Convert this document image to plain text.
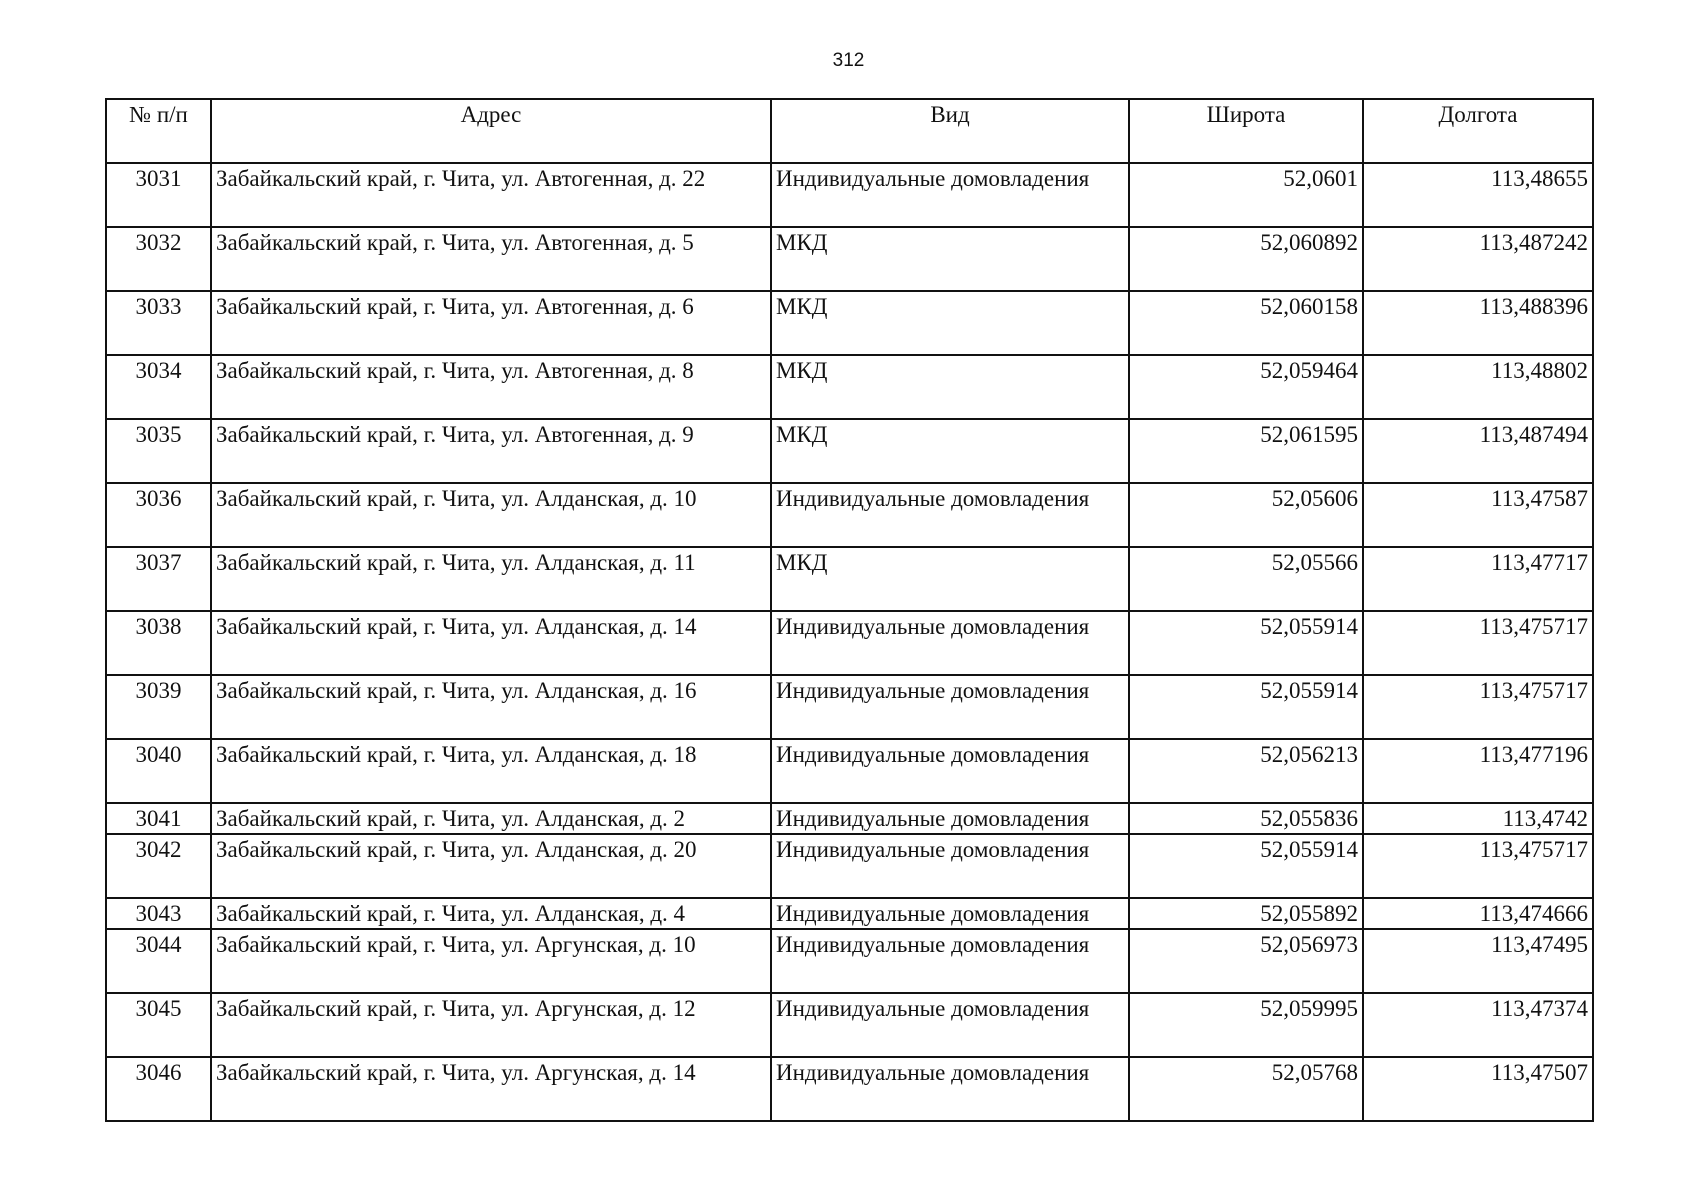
312
№ п/п	Адрес	Вид	Широта	Долгота
3031	Забайкальский край, г. Чита, ул. Автогенная, д. 22	Индивидуальные домовладения	52,0601	113,48655
3032	Забайкальский край, г. Чита, ул. Автогенная, д. 5	МКД	52,060892	113,487242
3033	Забайкальский край, г. Чита, ул. Автогенная, д. 6	МКД	52,060158	113,488396
3034	Забайкальский край, г. Чита, ул. Автогенная, д. 8	МКД	52,059464	113,48802
3035	Забайкальский край, г. Чита, ул. Автогенная, д. 9	МКД	52,061595	113,487494
3036	Забайкальский край, г. Чита, ул. Алданская, д. 10	Индивидуальные домовладения	52,05606	113,47587
3037	Забайкальский край, г. Чита, ул. Алданская, д. 11	МКД	52,05566	113,47717
3038	Забайкальский край, г. Чита, ул. Алданская, д. 14	Индивидуальные домовладения	52,055914	113,475717
3039	Забайкальский край, г. Чита, ул. Алданская, д. 16	Индивидуальные домовладения	52,055914	113,475717
3040	Забайкальский край, г. Чита, ул. Алданская, д. 18	Индивидуальные домовладения	52,056213	113,477196
3041	Забайкальский край, г. Чита, ул. Алданская, д. 2	Индивидуальные домовладения	52,055836	113,4742
3042	Забайкальский край, г. Чита, ул. Алданская, д. 20	Индивидуальные домовладения	52,055914	113,475717
3043	Забайкальский край, г. Чита, ул. Алданская, д. 4	Индивидуальные домовладения	52,055892	113,474666
3044	Забайкальский край, г. Чита, ул. Аргунская, д. 10	Индивидуальные домовладения	52,056973	113,47495
3045	Забайкальский край, г. Чита, ул. Аргунская, д. 12	Индивидуальные домовладения	52,059995	113,47374
3046	Забайкальский край, г. Чита, ул. Аргунская, д. 14	Индивидуальные домовладения	52,05768	113,47507
